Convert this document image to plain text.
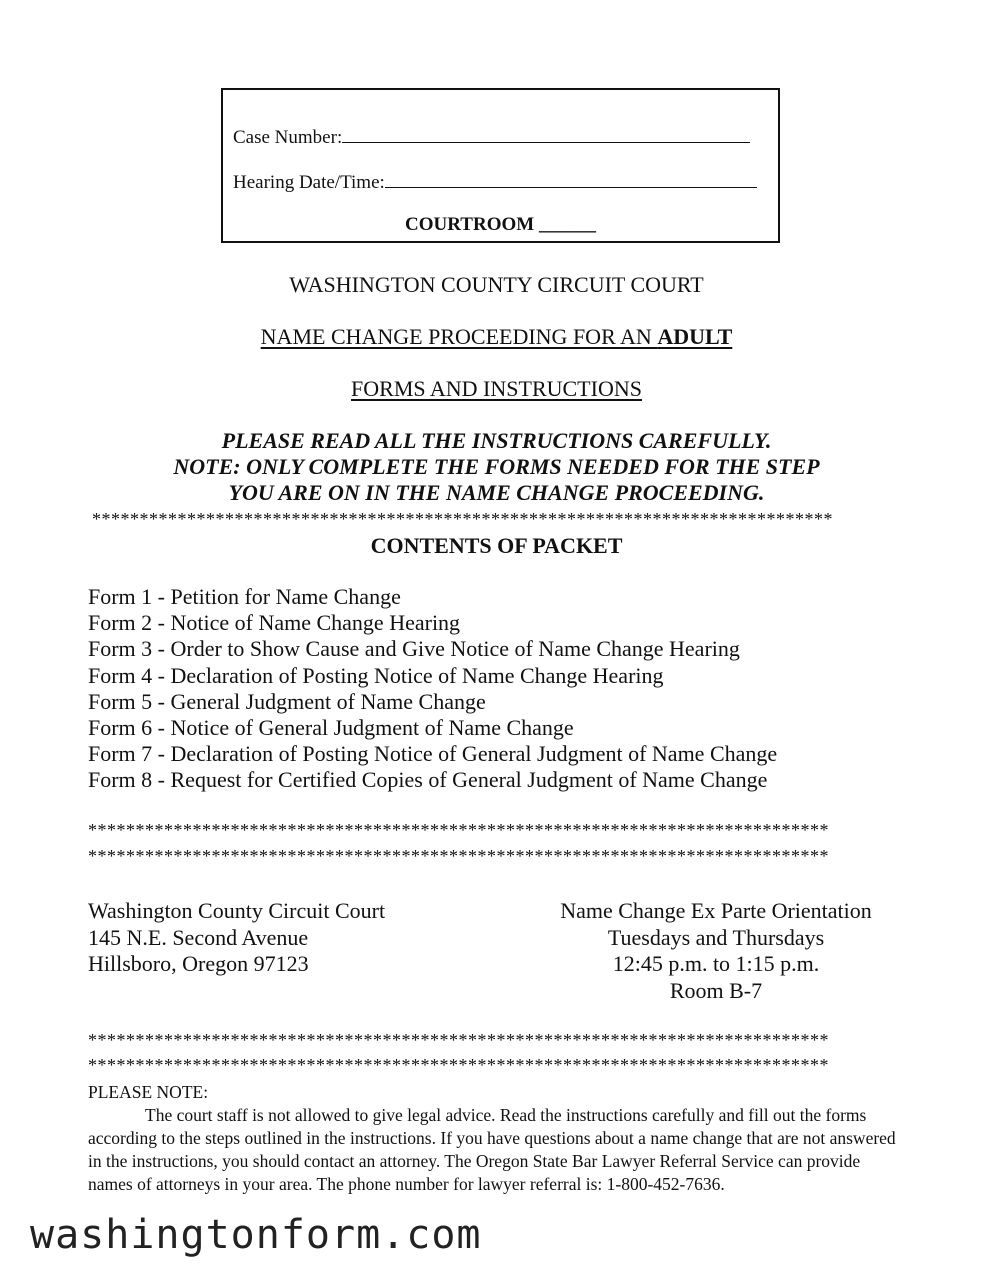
Case Number:
Hearing Date/Time:
COURTROOM ______
WASHINGTON COUNTY CIRCUIT COURT
NAME CHANGE PROCEEDING FOR AN ADULT
FORMS AND INSTRUCTIONS
PLEASE READ ALL THE INSTRUCTIONS CAREFULLY.
NOTE: ONLY COMPLETE THE FORMS NEEDED FOR THE STEP
YOU ARE ON IN THE NAME CHANGE PROCEEDING.
******************************************************************************
CONTENTS OF PACKET
Form 1 - Petition for Name Change
Form 2 - Notice of Name Change Hearing
Form 3 - Order to Show Cause and Give Notice of Name Change Hearing
Form 4 - Declaration of Posting Notice of Name Change Hearing
Form 5 - General Judgment of Name Change
Form 6 - Notice of General Judgment of Name Change
Form 7 - Declaration of Posting Notice of General Judgment of Name Change
Form 8 - Request for Certified Copies of General Judgment of Name Change
******************************************************************************
******************************************************************************
Washington County Circuit Court
145 N.E. Second Avenue
Hillsboro, Oregon 97123
Name Change Ex Parte Orientation
Tuesdays and Thursdays
12:45 p.m. to 1:15 p.m.
Room B-7
******************************************************************************
******************************************************************************
PLEASE NOTE:
The court staff is not allowed to give legal advice. Read the instructions carefully and fill out the forms according to the steps outlined in the instructions. If you have questions about a name change that are not answered in the instructions, you should contact an attorney. The Oregon State Bar Lawyer Referral Service can provide names of attorneys in your area. The phone number for lawyer referral is: 1-800-452-7636.
washingtonform.com
